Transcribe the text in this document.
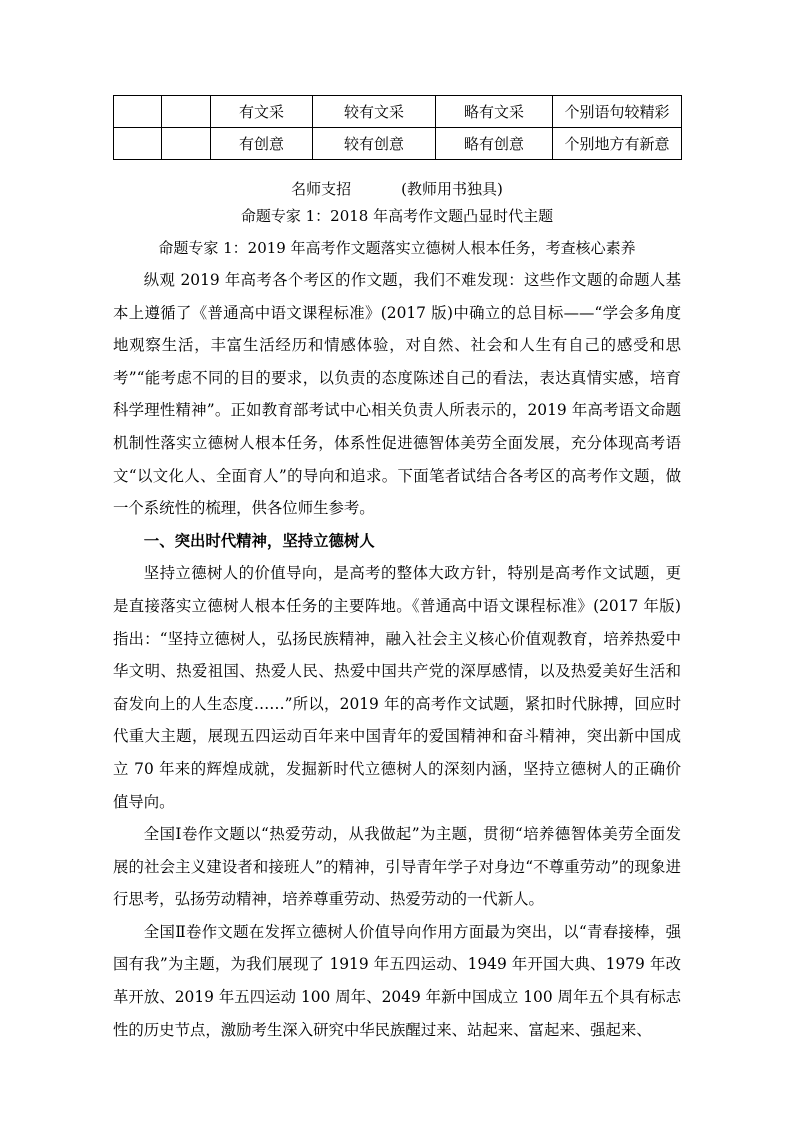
		有文采	较有文采	略有文采	个别语句较精彩
		有创意	较有创意	略有创意	个别地方有新意
名师支招	(教师用书独具)
命题专家 1：2018 年高考作文题凸显时代主题
命题专家 1：2019 年高考作文题落实立德树人根本任务，考查核心素养

纵观 2019 年高考各个考区的作文题，我们不难发现：这些作文题的命题人基本上遵循了《普通高中语文课程标准》(2017 版)中确立的总目标——“学会多角度地观察生活，丰富生活经历和情感体验，对自然、社会和人生有自己的感受和思考”“能考虑不同的目的要求，以负责的态度陈述自己的看法，表达真情实感，培育科学理性精神”。正如教育部考试中心相关负责人所表示的，2019 年高考语文命题机制性落实立德树人根本任务，体系性促进德智体美劳全面发展，充分体现高考语文“以文化人、全面育人”的导向和追求。下面笔者试结合各考区的高考作文题，做一个系统性的梳理，供各位师生参考。

一、突出时代精神，坚持立德树人

坚持立德树人的价值导向，是高考的整体大政方针，特别是高考作文试题，更是直接落实立德树人根本任务的主要阵地。《普通高中语文课程标准》(2017 年版)指出：“坚持立德树人，弘扬民族精神，融入社会主义核心价值观教育，培养热爱中华文明、热爱祖国、热爱人民、热爱中国共产党的深厚感情，以及热爱美好生活和奋发向上的人生态度……”所以，2019 年的高考作文试题，紧扣时代脉搏，回应时代重大主题，展现五四运动百年来中国青年的爱国精神和奋斗精神，突出新中国成立 70 年来的辉煌成就，发掘新时代立德树人的深刻内涵，坚持立德树人的正确价值导向。

全国Ⅰ卷作文题以“热爱劳动，从我做起”为主题，贯彻“培养德智体美劳全面发展的社会主义建设者和接班人”的精神，引导青年学子对身边“不尊重劳动”的现象进行思考，弘扬劳动精神，培养尊重劳动、热爱劳动的一代新人。

全国Ⅱ卷作文题在发挥立德树人价值导向作用方面最为突出，以“青春接棒，强国有我”为主题，为我们展现了 1919 年五四运动、1949 年开国大典、1979 年改革开放、2019 年五四运动 100 周年、2049 年新中国成立 100 周年五个具有标志性的历史节点，激励考生深入研究中华民族醒过来、站起来、富起来、强起来、
